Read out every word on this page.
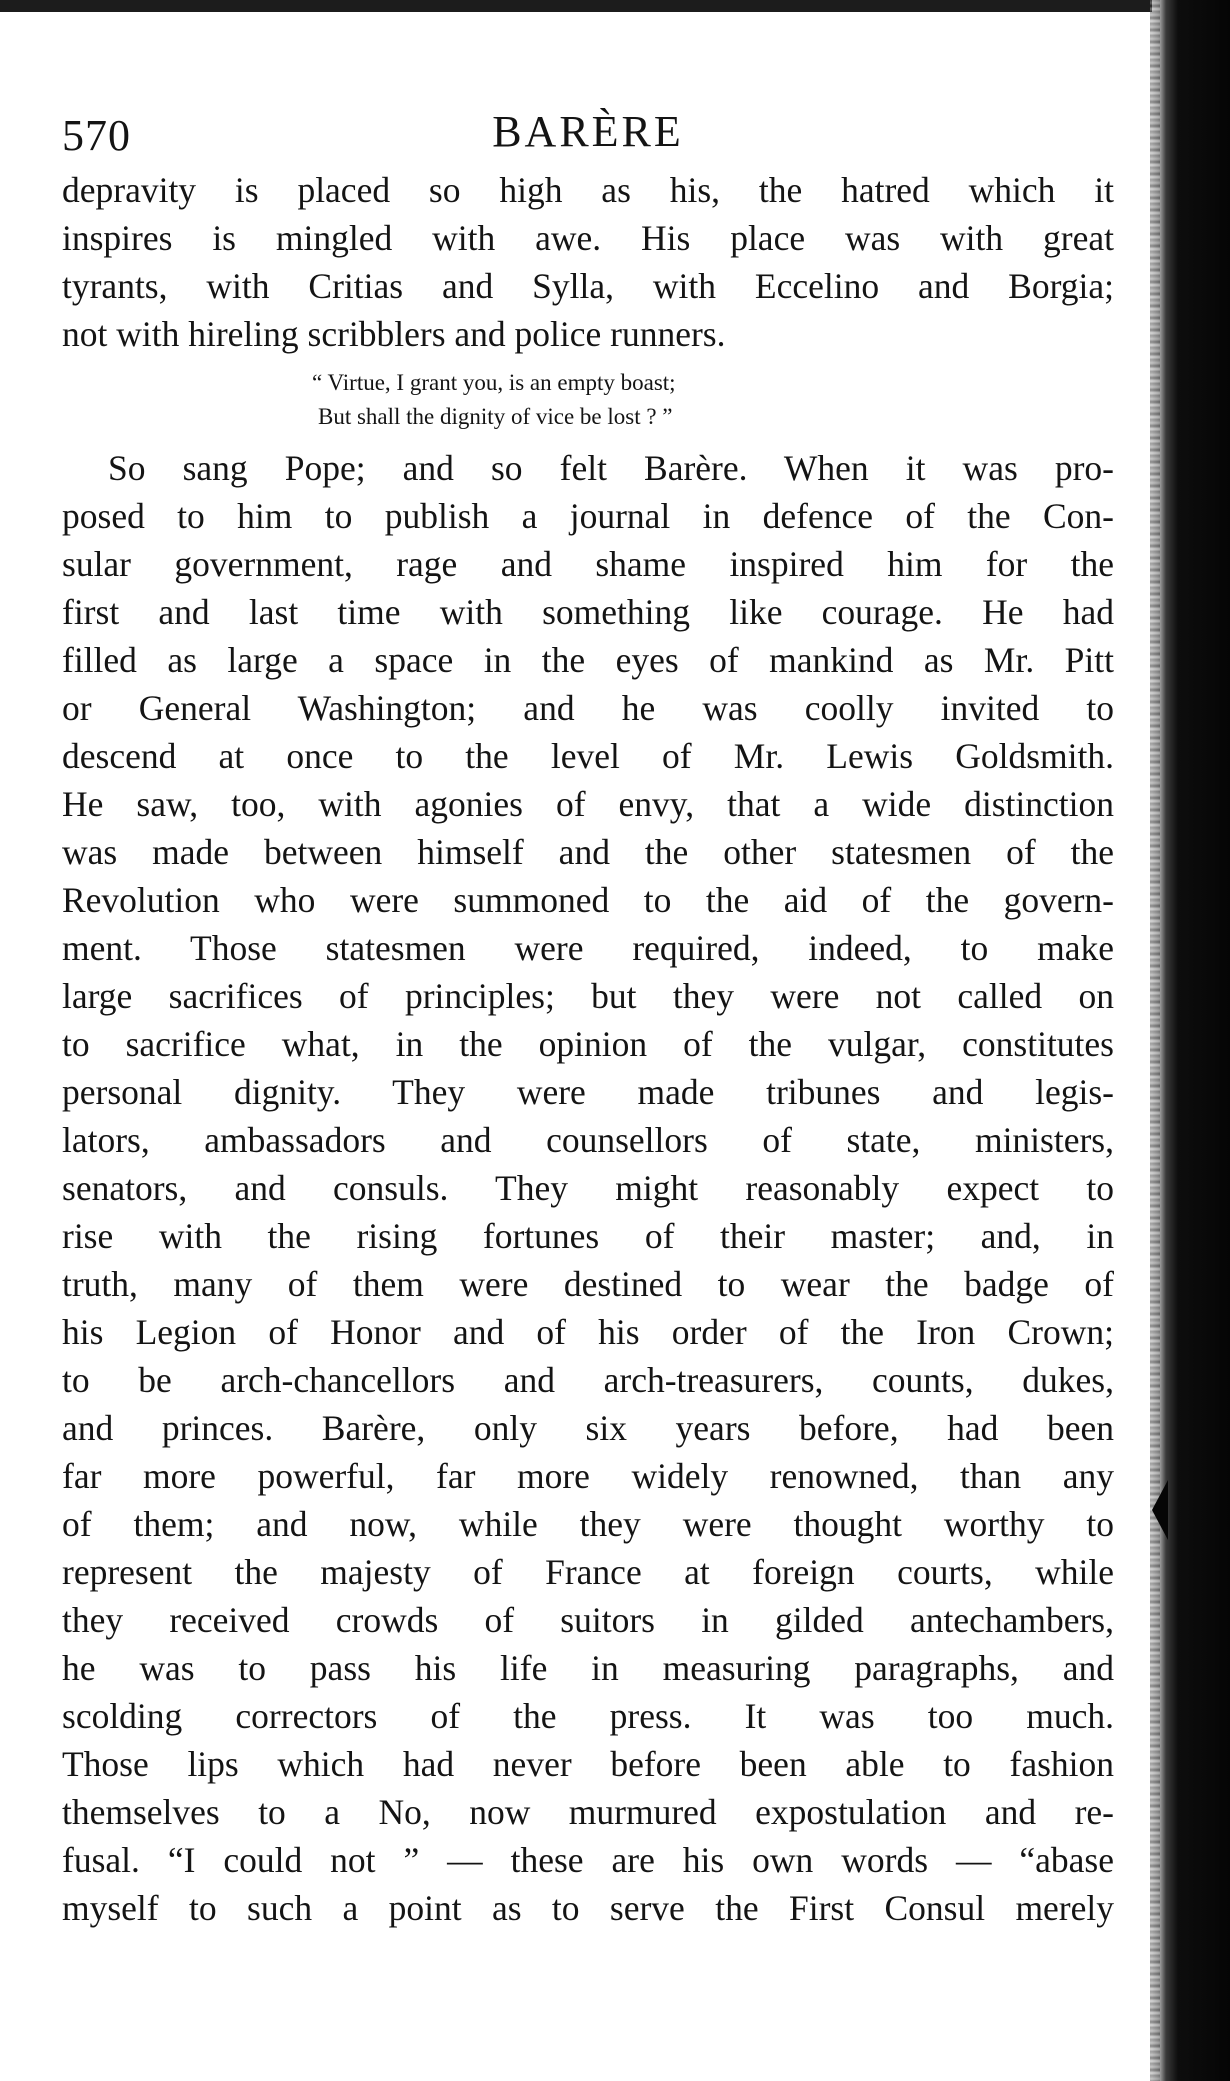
570	BARÈRE
depravity is placed so high as his, the hatred which it
inspires is mingled with awe. His place was with great
tyrants, with Critias and Sylla, with Eccelino and Borgia;
not with hireling scribblers and police runners.
“ Virtue, I grant you, is an empty boast;
But shall the dignity of vice be lost ? ”
So sang Pope; and so felt Barère. When it was pro-
posed to him to publish a journal in defence of the Con-
sular government, rage and shame inspired him for the
first and last time with something like courage. He had
filled as large a space in the eyes of mankind as Mr. Pitt
or General Washington; and he was coolly invited to
descend at once to the level of Mr. Lewis Goldsmith.
He saw, too, with agonies of envy, that a wide distinction
was made between himself and the other statesmen of the
Revolution who were summoned to the aid of the govern-
ment. Those statesmen were required, indeed, to make
large sacrifices of principles; but they were not called on
to sacrifice what, in the opinion of the vulgar, constitutes
personal dignity. They were made tribunes and legis-
lators, ambassadors and counsellors of state, ministers,
senators, and consuls. They might reasonably expect to
rise with the rising fortunes of their master; and, in
truth, many of them were destined to wear the badge of
his Legion of Honor and of his order of the Iron Crown;
to be arch-chancellors and arch-treasurers, counts, dukes,
and princes. Barère, only six years before, had been
far more powerful, far more widely renowned, than any
of them; and now, while they were thought worthy to
represent the majesty of France at foreign courts, while
they received crowds of suitors in gilded antechambers,
he was to pass his life in measuring paragraphs, and
scolding correctors of the press. It was too much.
Those lips which had never before been able to fashion
themselves to a No, now murmured expostulation and re-
fusal. “I could not ” — these are his own words — “abase
myself to such a point as to serve the First Consul merely
